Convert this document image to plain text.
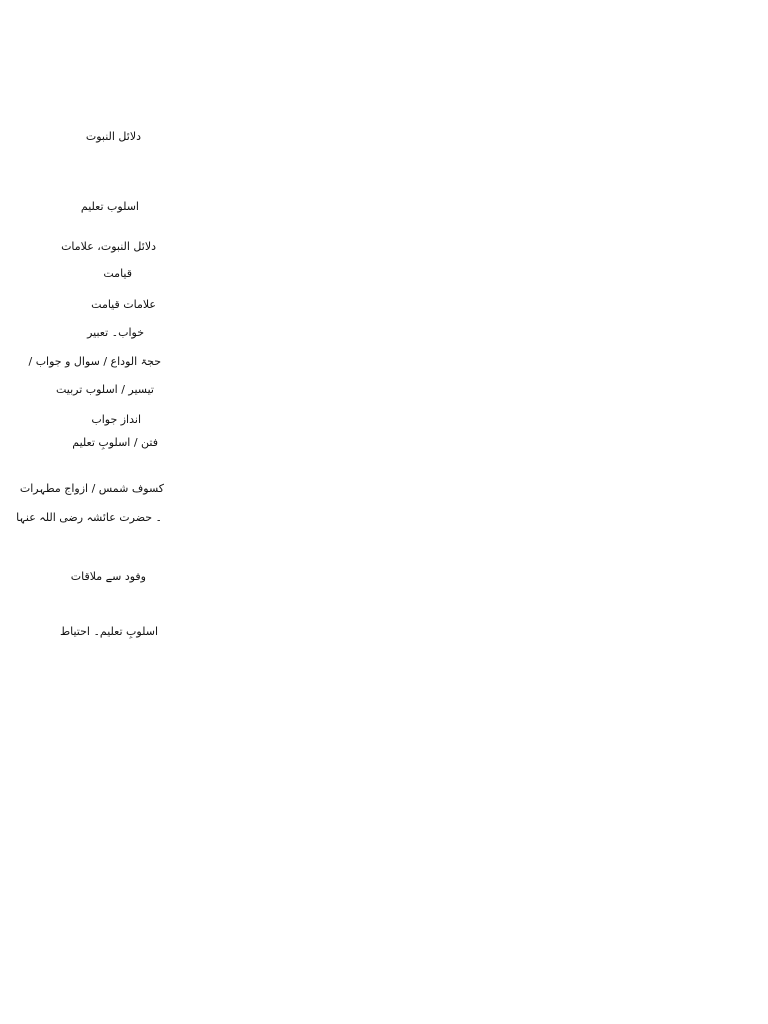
دلائل النبوت
اسلوب تعلیم
دلائل النبوت، علامات
قیامت
علامات قیامت
خواب۔ تعبیر
حجۃ الوداع / سوال و جواب /
تیسیر / اسلوب تربیت
انداز جواب
فتن / اسلوبِ تعلیم
کسوف شمس / ازواج مطہرات
۔ حضرت عائشہ رضی اللہ عنہا
وفود سے ملاقات
اسلوبِ تعلیم۔ احتیاط
